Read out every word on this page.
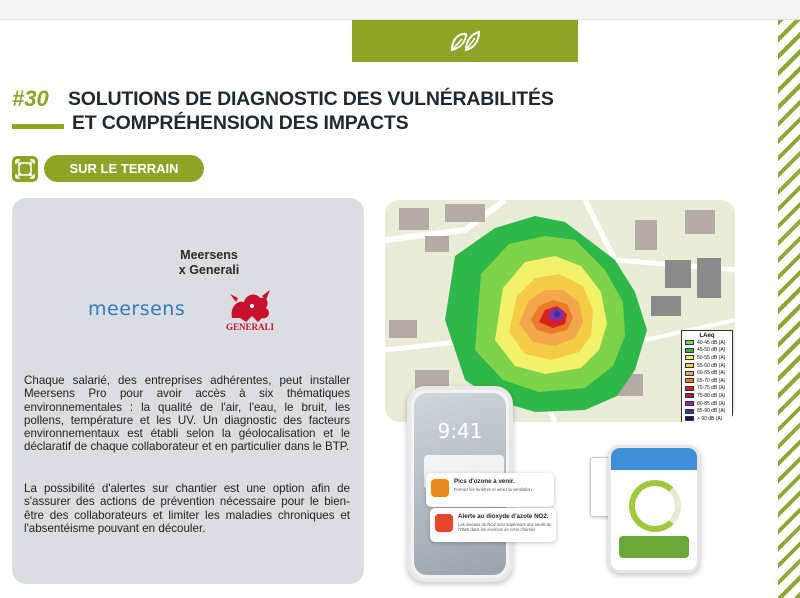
#30 SOLUTIONS DE DIAGNOSTIC DES VULNÉRABILITÉS
ET COMPRÉHENSION DES IMPACTS
SUR LE TERRAIN
Meersens
x Generali
meersens
GENERALI
Chaque salarié, des entreprises adhérentes, peut installer Meersens Pro pour avoir accès à six thématiques environnementales : la qualité de l'air, l'eau, le bruit, les pollens, température et les UV. Un diagnostic des facteurs environnementaux est établi selon la géolocalisation et le déclaratif de chaque collaborateur et en particulier dans le BTP.
La possibilité d'alertes sur chantier est une option afin de s'assurer des actions de prévention nécessaire pour le bien-être des collaborateurs et limiter les maladies chroniques et l'absentéisme pouvant en découler.
LAeq
40-45 dB (A)
45-50 dB (A)
50-55 dB (A)
55-60 dB (A)
60-65 dB (A)
65-70 dB (A)
70-75 dB (A)
75-80 dB (A)
80-85 dB (A)
85-90 dB (A)
> 90 dB (A)
9:41
Pics d'ozone à venir.
Fermez les fenêtres et aérez la ventilation
Alerte au dioxyde d'azote NO2.
Les niveaux de NO2 sont supérieurs aux seuils de l'OMS dans les environs de votre chantier
